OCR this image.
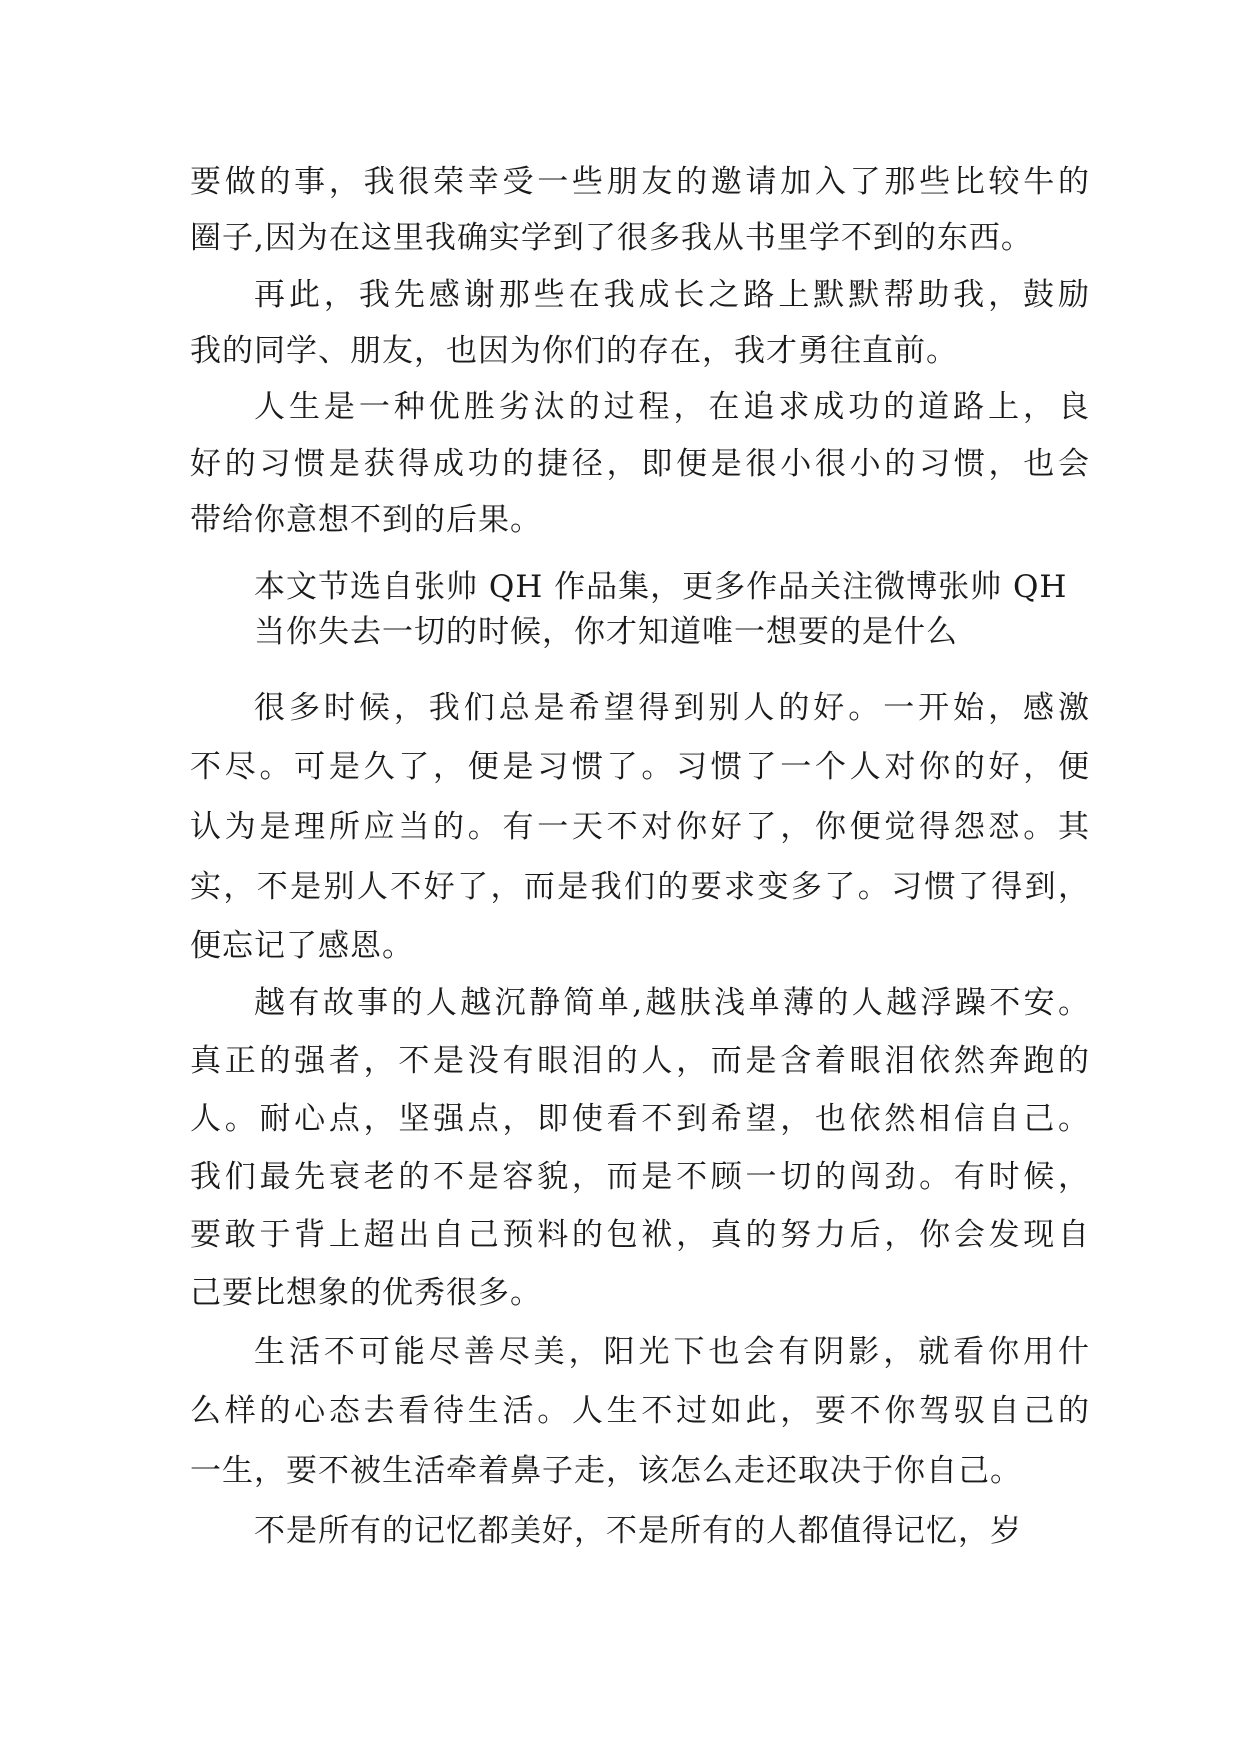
要做的事，我很荣幸受一些朋友的邀请加入了那些比较牛的

圈子,因为在这里我确实学到了很多我从书里学不到的东西。

再此，我先感谢那些在我成长之路上默默帮助我，鼓励

我的同学、朋友，也因为你们的存在，我才勇往直前。

人生是一种优胜劣汰的过程，在追求成功的道路上，良

好的习惯是获得成功的捷径，即便是很小很小的习惯，也会

带给你意想不到的后果。

本文节选自张帅 QH 作品集，更多作品关注微博张帅 QH

当你失去一切的时候，你才知道唯一想要的是什么

很多时候，我们总是希望得到别人的好。一开始，感激

不尽。可是久了，便是习惯了。习惯了一个人对你的好，便

认为是理所应当的。有一天不对你好了，你便觉得怨怼。其

实，不是别人不好了，而是我们的要求变多了。习惯了得到，

便忘记了感恩。

越有故事的人越沉静简单,越肤浅单薄的人越浮躁不安。

真正的强者，不是没有眼泪的人，而是含着眼泪依然奔跑的

人。耐心点，坚强点，即使看不到希望，也依然相信自己。

我们最先衰老的不是容貌，而是不顾一切的闯劲。有时候，

要敢于背上超出自己预料的包袱，真的努力后，你会发现自

己要比想象的优秀很多。

生活不可能尽善尽美，阳光下也会有阴影，就看你用什

么样的心态去看待生活。人生不过如此，要不你驾驭自己的

一生，要不被生活牵着鼻子走，该怎么走还取决于你自己。

不是所有的记忆都美好，不是所有的人都值得记忆，岁
